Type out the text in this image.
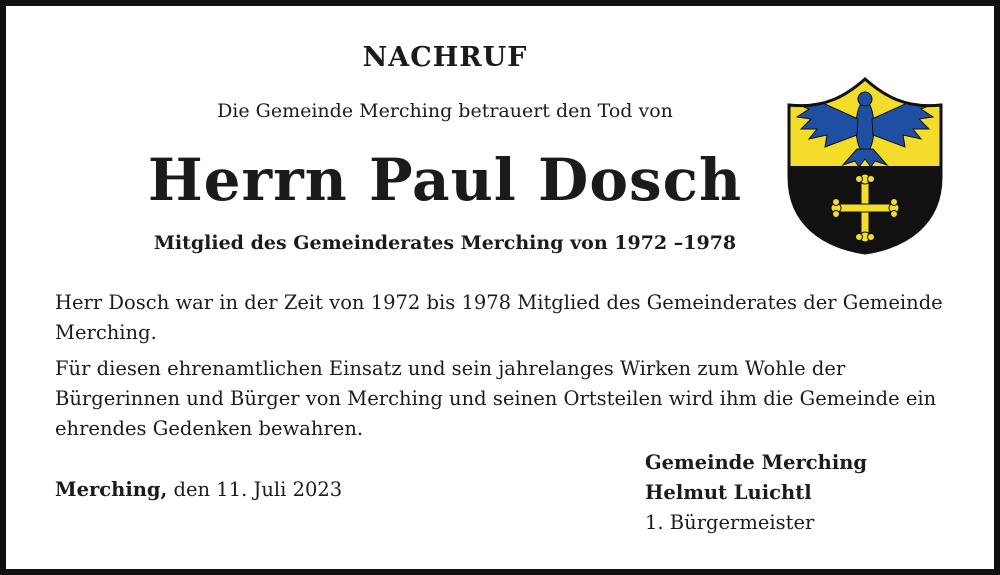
NACHRUF
Die Gemeinde Merching betrauert den Tod von
Herrn Paul Dosch
Mitglied des Gemeinderates Merching von 1972 –1978

Herr Dosch war in der Zeit von 1972 bis 1978 Mitglied des Gemeinderates der Gemeinde Merching.

Für diesen ehrenamtlichen Einsatz und sein jahrelanges Wirken zum Wohle der Bürgerinnen und Bürger von Merching und seinen Ortsteilen wird ihm die Gemeinde ein ehrendes Gedenken bewahren.

Merching, den 11. Juli 2023
Gemeinde Merching
Helmut Luichtl
1. Bürgermeister
